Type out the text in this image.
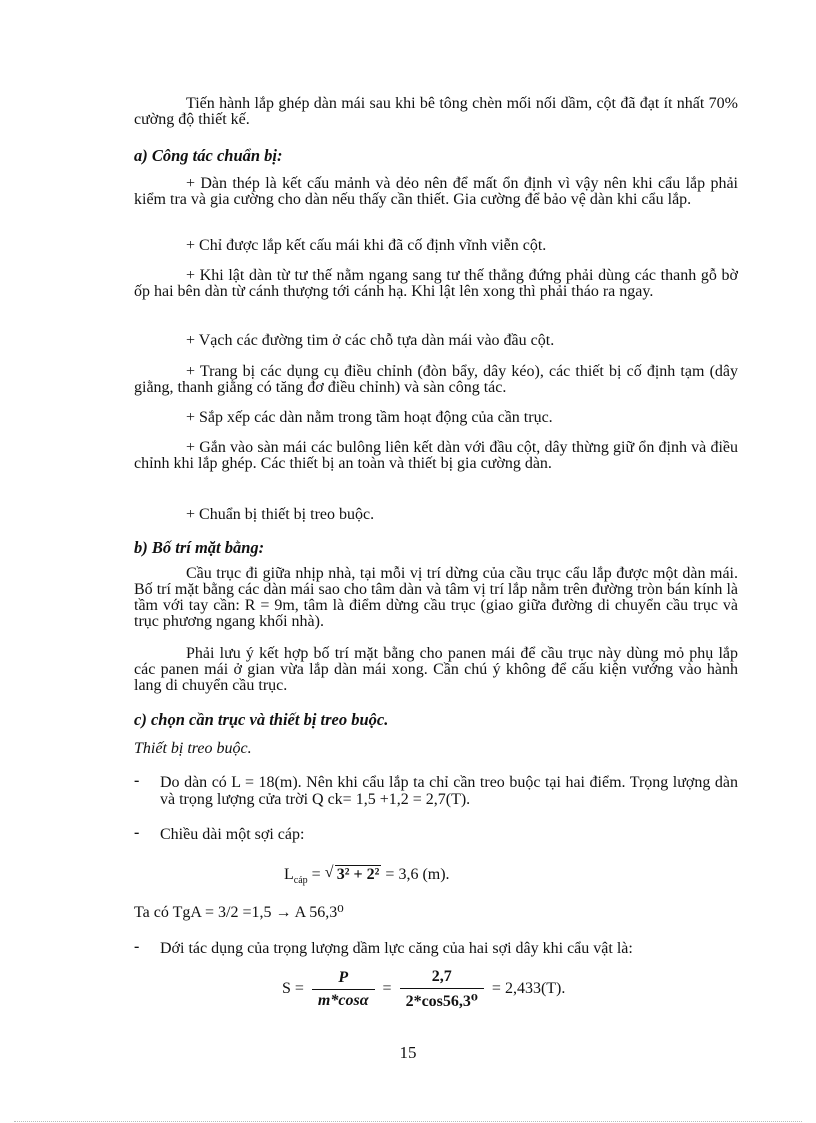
Tiến hành lắp ghép dàn mái sau khi bê tông chèn mối nối dầm, cột đã đạt ít nhất 70% cường độ thiết kế.

a) Công tác chuẩn bị:

+ Dàn thép là kết cấu mảnh và dẻo nên để mất ổn định vì vậy nên khi cẩu lắp phải kiểm tra và gia cường cho dàn nếu thấy cần thiết. Gia cường để bảo vệ dàn khi cẩu lắp.

+ Chỉ được lắp kết cấu mái khi đã cố định vĩnh viễn cột.

+ Khi lật dàn từ tư thế nằm ngang sang tư thế thẳng đứng phải dùng các thanh gỗ bờ ốp hai bên dàn từ cánh thượng tới cánh hạ. Khi lật lên xong thì phải tháo ra ngay.

+ Vạch các đường tim ở các chỗ tựa dàn mái vào đầu cột.

+ Trang bị các dụng cụ điều chỉnh (đòn bẩy, dây kéo), các thiết bị cố định tạm (dây giằng, thanh giằng có tăng đơ điều chỉnh) và sàn công tác.

+ Sắp xếp các dàn nằm trong tầm hoạt động của cần trục.

+ Gắn vào sàn mái các bulông liên kết dàn với đầu cột, dây thừng giữ ổn định và điều chỉnh khi lắp ghép. Các thiết bị an toàn và thiết bị gia cường dàn.

+ Chuẩn bị thiết bị treo buộc.

b) Bố trí mặt bằng:

Cầu trục đi giữa nhịp nhà, tại mỗi vị trí dừng của cầu trục cẩu lắp được một dàn mái. Bố trí mặt bằng các dàn mái sao cho tâm dàn và tâm vị trí lắp nằm trên đường tròn bán kính là tầm với tay cần: R = 9m, tâm là điểm dừng cầu trục (giao giữa đường di chuyển cầu trục và trục phương ngang khối nhà).

Phải lưu ý kết hợp bố trí mặt bằng cho panen mái để cầu trục này dùng mỏ phụ lắp các panen mái ở gian vừa lắp dàn mái xong. Cần chú ý không để cấu kiện vướng vào hành lang di chuyển cầu trục.

c) chọn cần trục và thiết bị treo buộc.

Thiết bị treo buộc.

- Do dàn có L = 18(m). Nên khi cẩu lắp ta chỉ cần treo buộc tại hai điểm. Trọng lượng dàn và trọng lượng cửa trời Q ck= 1,5 +1,2 = 2,7(T).
- Chiều dài một sợi cáp:
$L_{cáp}$ = √ 3² + 2² = 3,6 (m).

Ta có TgA = 3/2 =1,5 → A 56,3⁰

- Dới tác dụng của trọng lượng dầm lực căng của hai sợi dây khi cẩu vật là:
$S = \frac{P}{m*\cos\alpha} = \frac{2,7}{\text{2*cos56,3⁰}} = 2,433(T)$.
15
